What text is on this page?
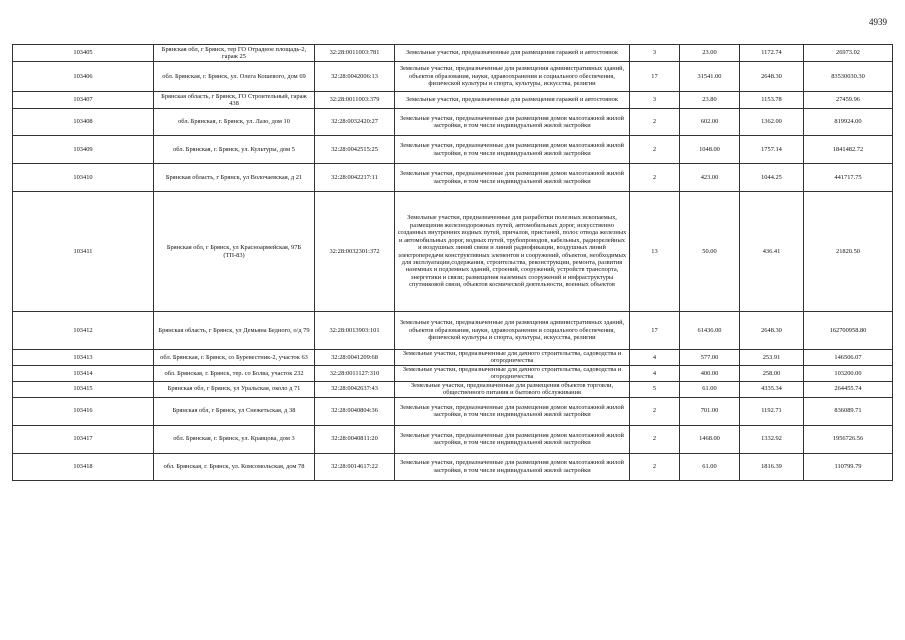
4939
103405	Брянская обл, г Брянск, тер ГО Отрадное площадь-2, гараж 25	32:28:0011003:781	Земельные участки, предназначенные для размещения гаражей и автостоянок	3	23.00	1172.74	26973.02
103406	обл. Брянская, г. Брянск, ул. Олега Кошевого, дом 69	32:28:0042006:13	Земельные участки, предназначенные для размещения административных зданий, объектов образования, науки, здравоохранения и социального обеспечения, физической культуры и спорта, культуры, искусства, религии	17	31541.00	2648.30	83530030.30
103407	Брянская область, г Брянск, ГО Строительный, гараж 438	32:28:0011003:379	Земельные участки, предназначенные для размещения гаражей и автостоянок	3	23.80	1153.78	27459.96
103408	обл. Брянская, г. Брянск, ул. Лазо, дом 10	32:28:0032420:27	Земельные участки, предназначенные для размещения домов малоэтажной жилой застройки, в том числе индивидуальной жилой застройки	2	602.00	1362.00	819924.00
103409	обл. Брянская, г. Брянск, ул. Культуры, дом 5	32:28:0042515:25	Земельные участки, предназначенные для размещения домов малоэтажной жилой застройки, в том числе индивидуальной жилой застройки	2	1048.00	1757.14	1841482.72
103410	Брянская область, г Брянск, ул Волочаевская, д 21	32:28:0042217:11	Земельные участки, предназначенные для размещения домов малоэтажной жилой застройки, в том числе индивидуальной жилой застройки	2	423.00	1044.25	441717.75
103411	Брянская обл, г Брянск, ул Красноармейская, 97Б (ТП-83)	32:28:0032301:372	Земельные участки, предназначенные для разработки полезных ископаемых, размещения железнодорожных путей, автомобильных дорог, искусственно созданных внутренних водных путей, причалов, пристаней, полос отвода железных и автомобильных дорог, водных путей, трубопроводов, кабельных, радиорелейных и воздушных линий связи и линий радиофикации, воздушных линий электропередачи конструктивных элементов и сооружений, объектов, необходимых для эксплуатации,содержания, строительства, реконструкции, ремонта, развития наземных и подземных зданий, строений, сооружений, устройств транспорта, энергетики и связи; размещения наземных сооружений и инфраструктуры спутниковой связи, объектов космической деятельности, военных объектов	13	50.00	436.41	21820.50
103412	Брянская область, г Брянск, ул Демьяна Бедного, о/д 79	32:28:0013903:101	Земельные участки, предназначенные для размещения административных зданий, объектов образования, науки, здравоохранения и социального обеспечения, физической культуры и спорта, культуры, искусства, религии	17	61436.00	2648.30	162700958.80
103413	обл. Брянская, г. Брянск, со Буревестник-2, участок 63	32:28:0041209:68	Земельные участки, предназначенные для дачного строительства, садоводства и огородничества	4	577.00	253.91	146506.07
103414	обл. Брянская, г. Брянск, тер. со Болва, участок 232	32:28:0011127:310	Земельные участки, предназначенные для дачного строительства, садоводства и огородничества	4	400.00	258.00	103200.00
103415	Брянская обл, г Брянск, ул Уральская, около д 71	32:28:0042637:43	Земельные участки, предназначенные для размещения объектов торговли, общественного питания и бытового обслуживания	5	61.00	4335.34	264455.74
103416	Брянская обл, г Брянск, ул Снежетьская, д 38	32:28:0040804:36	Земельные участки, предназначенные для размещения домов малоэтажной жилой застройки, в том числе индивидуальной жилой застройки	2	701.00	1192.71	836089.71
103417	обл. Брянская, г. Брянск, ул. Кравцова, дом 3	32:28:0040811:20	Земельные участки, предназначенные для размещения домов малоэтажной жилой застройки, в том числе индивидуальной жилой застройки	2	1468.00	1332.92	1956726.56
103418	обл. Брянская, г. Брянск, ул. Комсомольская, дом 78	32:28:0014617:22	Земельные участки, предназначенные для размещения домов малоэтажной жилой застройки, в том числе индивидуальной жилой застройки	2	61.00	1816.39	110799.79
